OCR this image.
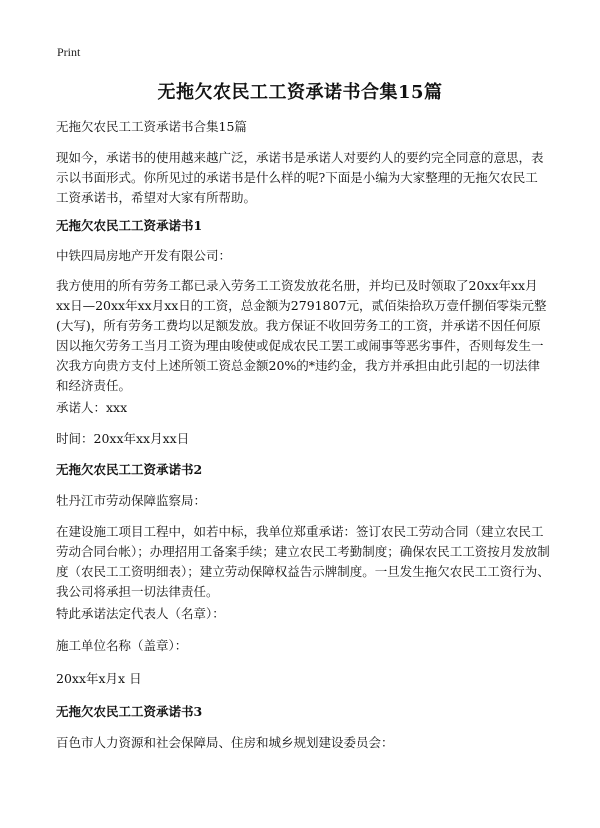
Print
无拖欠农民工工资承诺书合集15篇

无拖欠农民工工资承诺书合集15篇

现如今，承诺书的使用越来越广泛，承诺书是承诺人对要约人的要约完全同意的意思，表示以书面形式。你所见过的承诺书是什么样的呢?下面是小编为大家整理的无拖欠农民工工资承诺书，希望对大家有所帮助。

无拖欠农民工工资承诺书1

中铁四局房地产开发有限公司：

我方使用的所有劳务工都已录入劳务工工资发放花名册，并均已及时领取了20xx年xx月xx日—20xx年xx月xx日的工资，总金额为2791807元，贰佰柒拾玖万壹仟捌佰零柒元整(大写)，所有劳务工费均以足额发放。我方保证不收回劳务工的工资，并承诺不因任何原因以拖欠劳务工当月工资为理由唆使或促成农民工罢工或闹事等恶劣事件，否则每发生一次我方向贵方支付上述所领工资总金额20%的*违约金，我方并承担由此引起的一切法律和经济责任。

承诺人：xxx

时间：20xx年xx月xx日

无拖欠农民工工资承诺书2

牡丹江市劳动保障监察局：

在建设施工项目工程中，如若中标，我单位郑重承诺：签订农民工劳动合同（建立农民工劳动合同台帐）；办理招用工备案手续；建立农民工考勤制度；确保农民工工资按月发放制度（农民工工资明细表）；建立劳动保障权益告示牌制度。一旦发生拖欠农民工工资行为、我公司将承担一切法律责任。

特此承诺法定代表人（名章）：

施工单位名称（盖章）：

20xx年x月x 日

无拖欠农民工工资承诺书3

百色市人力资源和社会保障局、住房和城乡规划建设委员会：
